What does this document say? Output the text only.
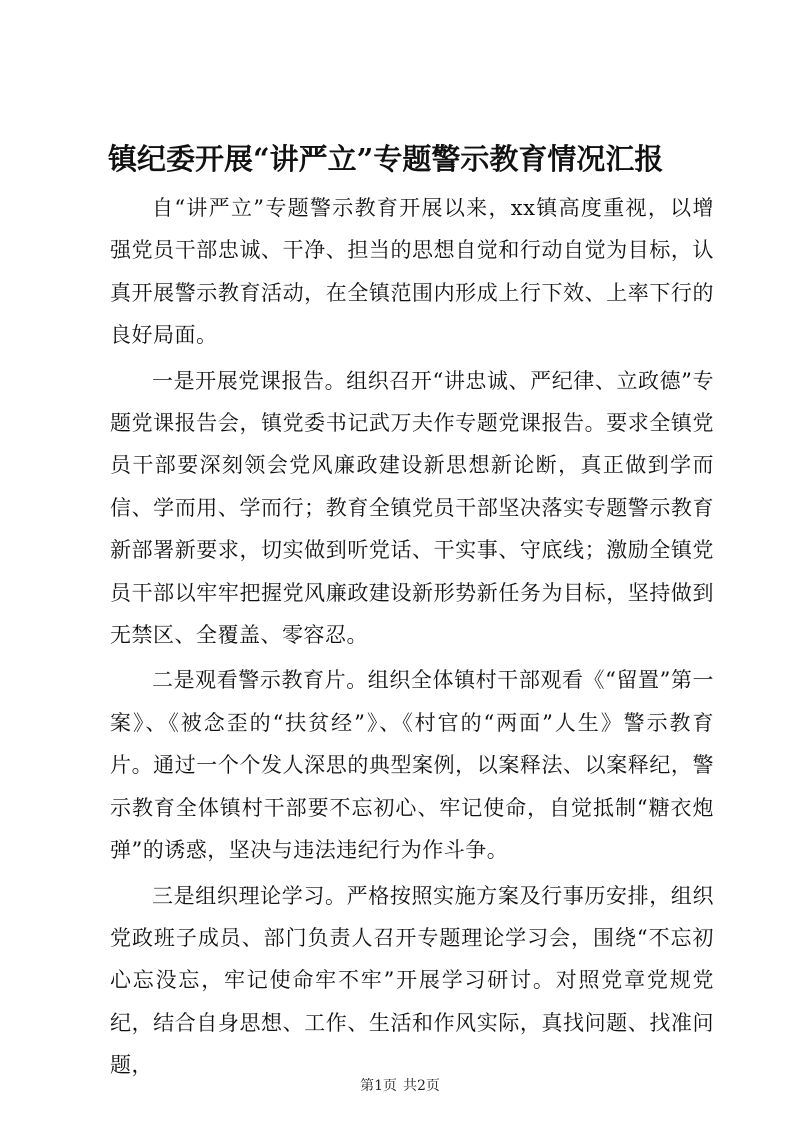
镇纪委开展“讲严立”专题警示教育情况汇报

自“讲严立”专题警示教育开展以来，xx镇高度重视，以增强党员干部忠诚、干净、担当的思想自觉和行动自觉为目标，认真开展警示教育活动，在全镇范围内形成上行下效、上率下行的良好局面。

一是开展党课报告。组织召开“讲忠诚、严纪律、立政德”专题党课报告会，镇党委书记武万夫作专题党课报告。要求全镇党员干部要深刻领会党风廉政建设新思想新论断，真正做到学而信、学而用、学而行；教育全镇党员干部坚决落实专题警示教育新部署新要求，切实做到听党话、干实事、守底线；激励全镇党员干部以牢牢把握党风廉政建设新形势新任务为目标，坚持做到无禁区、全覆盖、零容忍。

二是观看警示教育片。组织全体镇村干部观看《“留置”第一案》、《被念歪的“扶贫经”》、《村官的“两面”人生》警示教育片。通过一个个发人深思的典型案例，以案释法、以案释纪，警示教育全体镇村干部要不忘初心、牢记使命，自觉抵制“糖衣炮弹”的诱惑，坚决与违法违纪行为作斗争。

三是组织理论学习。严格按照实施方案及行事历安排，组织党政班子成员、部门负责人召开专题理论学习会，围绕“不忘初心忘没忘，牢记使命牢不牢”开展学习研讨。对照党章党规党纪，结合自身思想、工作、生活和作风实际，真找问题、找准问题，

第1页 共2页
